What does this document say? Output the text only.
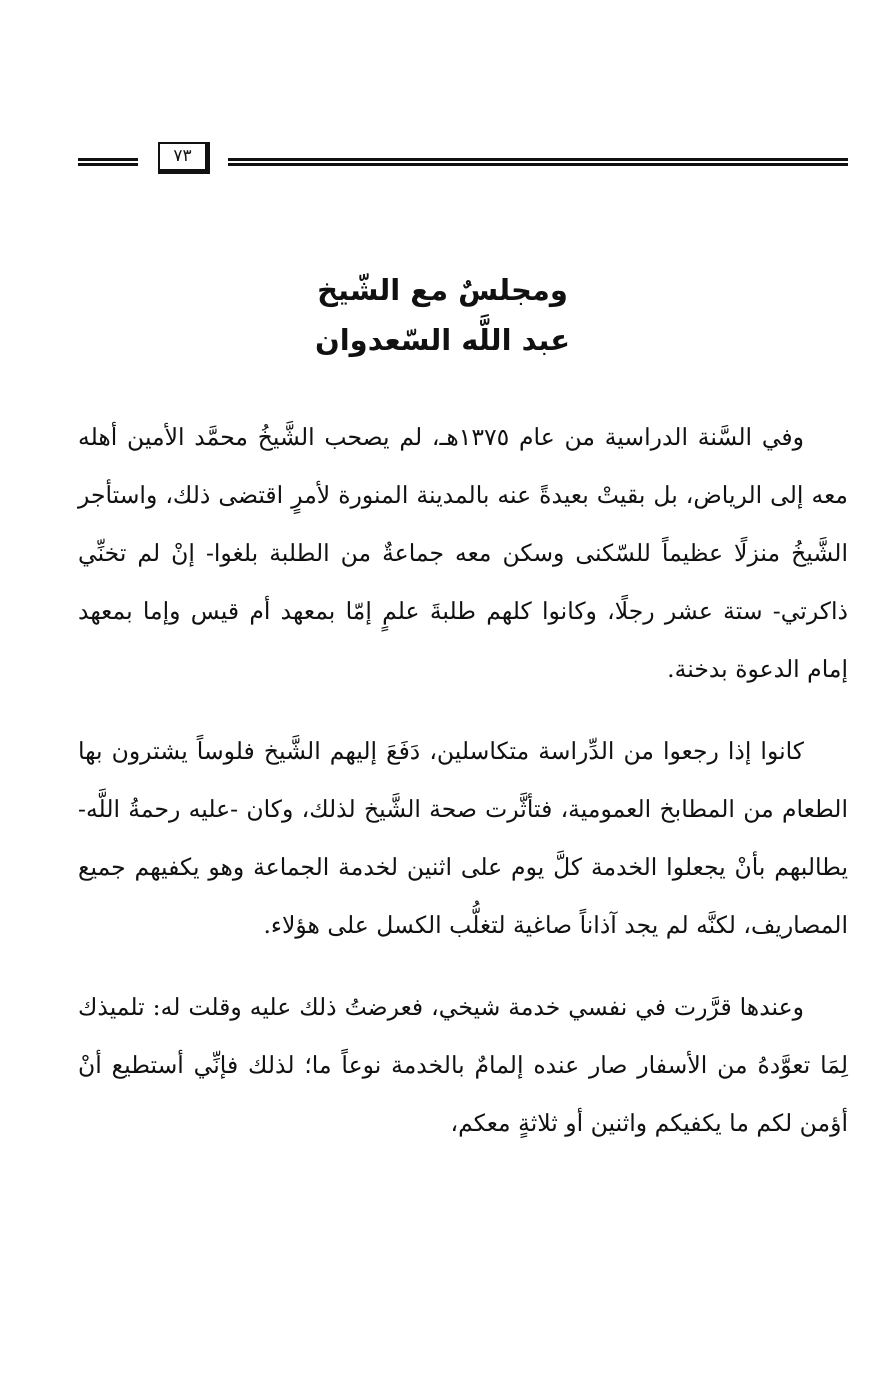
٧٣
ومجلسٌ مع الشّيخ
عبد اللَّه السّعدوان

وفي السَّنة الدراسية من عام ١٣٧٥هـ، لم يصحب الشَّيخُ محمَّد الأمين أهله معه إلى الرياض، بل بقيتْ بعيدةً عنه بالمدينة المنورة لأمرٍ اقتضى ذلك، واستأجر الشَّيخُ منزلًا عظيماً للسّكنى وسكن معه جماعةٌ من الطلبة بلغوا- إنْ لم تخنِّي ذاكرتي- ستة عشر رجلًا، وكانوا كلهم طلبةَ علمٍ إمّا بمعهد أم قيس وإما بمعهد إمام الدعوة بدخنة.

كانوا إذا رجعوا من الدِّراسة متكاسلين، دَفَعَ إليهم الشَّيخ فلوساً يشترون بها الطعام من المطابخ العمومية، فتأثَّرت صحة الشَّيخ لذلك، وكان -عليه رحمةُ اللَّه- يطالبهم بأنْ يجعلوا الخدمة كلَّ يوم على اثنين لخدمة الجماعة وهو يكفيهم جميع المصاريف، لكنَّه لم يجد آذاناً صاغية لتغلُّب الكسل على هؤلاء.

وعندها قرَّرت في نفسي خدمة شيخي، فعرضتُ ذلك عليه وقلت له: تلميذك لِمَا تعوَّدهُ من الأسفار صار عنده إلمامٌ بالخدمة نوعاً ما؛ لذلك فإنِّي أستطيع أنْ أؤمن لكم ما يكفيكم واثنين أو ثلاثةٍ معكم،
